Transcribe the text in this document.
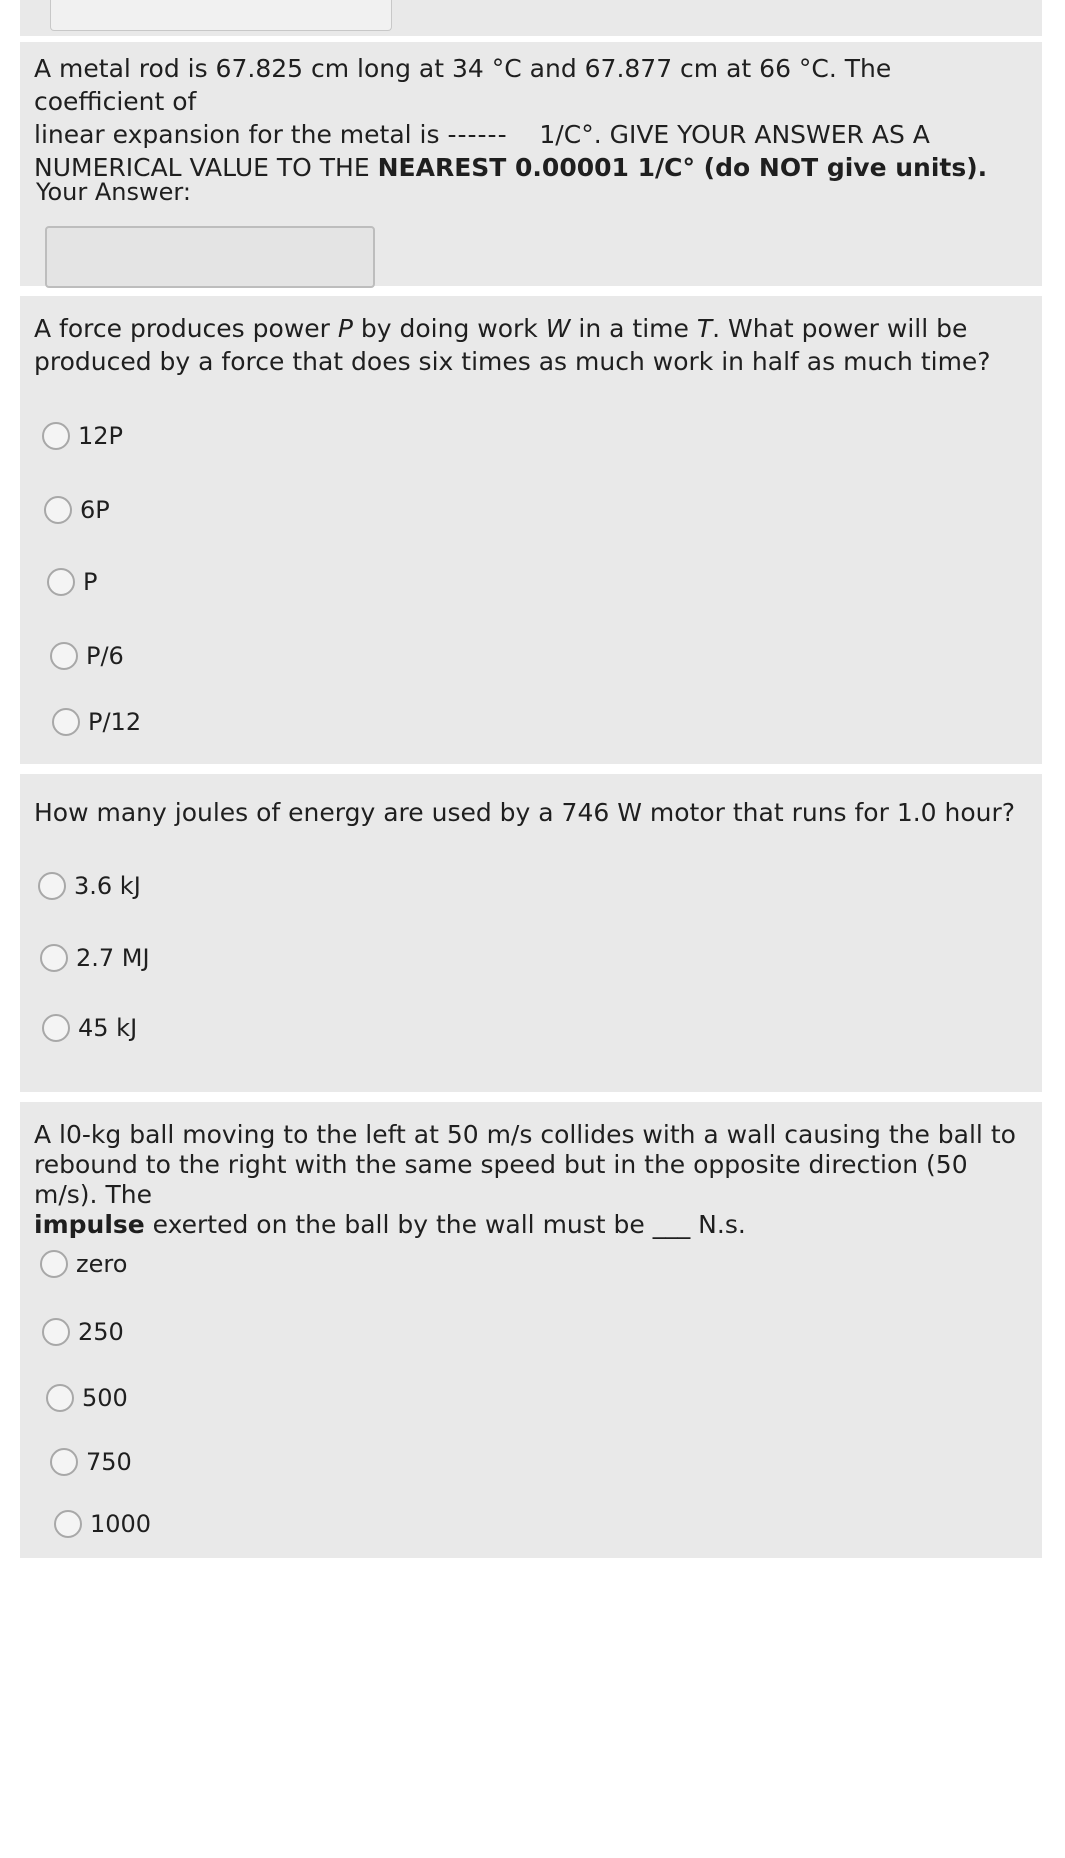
A metal rod is 67.825 cm long at 34 °C and 67.877 cm at 66 °C. The coefficient of
linear expansion for the metal is ------ 1/C°. GIVE YOUR ANSWER AS A
NUMERICAL VALUE TO THE NEAREST 0.00001 1/C° (do NOT give units).
Your Answer:
A force produces power P by doing work W in a time T. What power will be
produced by a force that does six times as much work in half as much time?
12P
6P
P
P/6
P/12
How many joules of energy are used by a 746 W motor that runs for 1.0 hour?
3.6 kJ
2.7 MJ
45 kJ
A l0-kg ball moving to the left at 50 m/s collides with a wall causing the ball to
rebound to the right with the same speed but in the opposite direction (50 m/s). The
impulse exerted on the ball by the wall must be ___ N.s.
zero
250
500
750
1000
